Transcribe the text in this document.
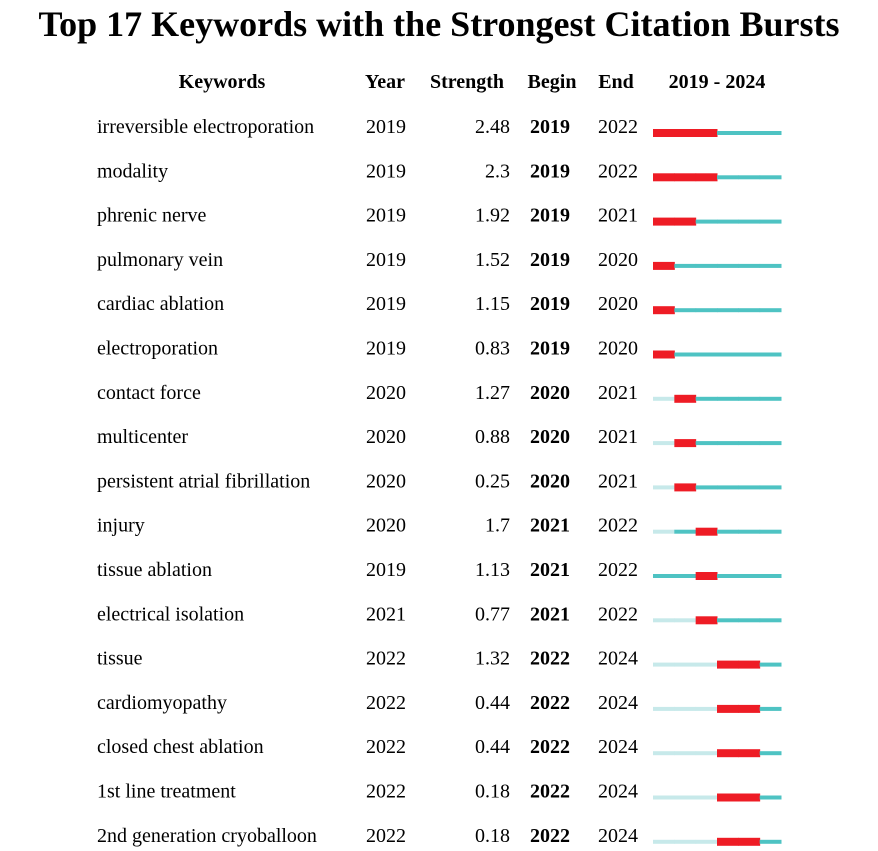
Top 17 Keywords with the Strongest Citation Bursts
Keywords	Year Strength Begin End 2019 - 2024
irreversible electroporation	2019	2.48 2019 2022
modality	2019	2.3 2019 2022
phrenic nerve	2019	1.92 2019 2021
pulmonary vein	2019	1.52 2019 2020
cardiac ablation	2019	1.15 2019 2020
electroporation	2019	0.83 2019 2020
contact force	2020	1.27 2020 2021
multicenter	2020	0.88 2020 2021
persistent atrial fibrillation	2020	0.25 2020 2021
injury	2020	1.7 2021 2022
tissue ablation	2019	1.13 2021 2022
electrical isolation	2021	0.77 2021 2022
tissue	2022	1.32 2022 2024
cardiomyopathy	2022	0.44 2022 2024
closed chest ablation	2022	0.44 2022 2024
1st line treatment	2022	0.18 2022 2024
2nd generation cryoballoon 2022	0.18 2022 2024
